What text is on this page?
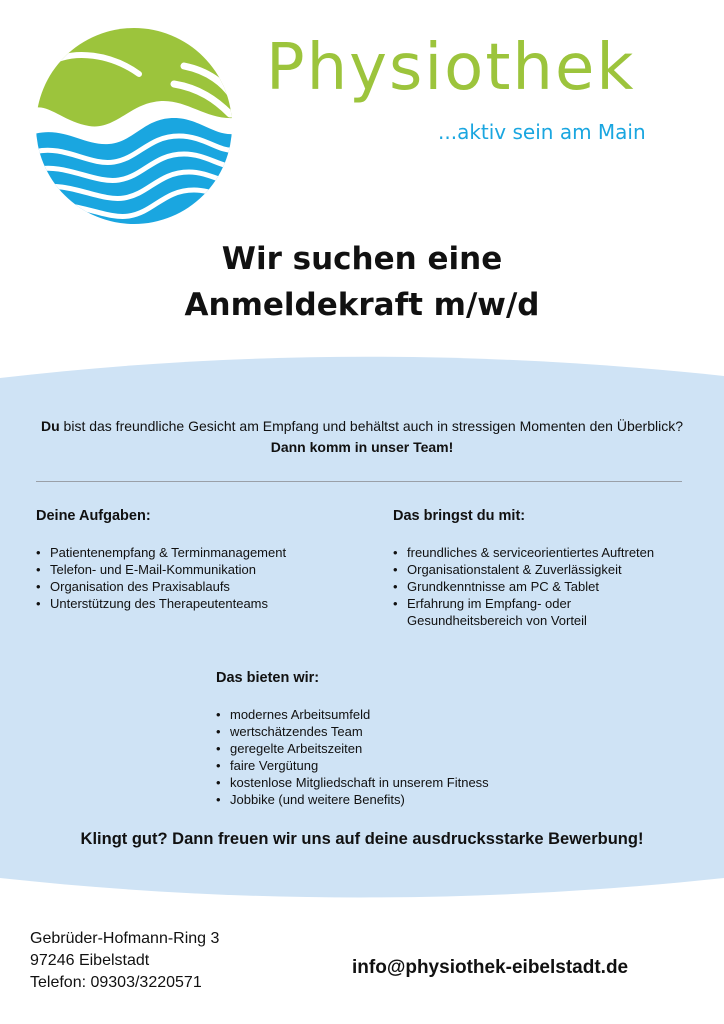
Physiothek
...aktiv sein am Main
Wir suchen eine
Anmeldekraft m/w/d
Du bist das freundliche Gesicht am Empfang und behältst auch in stressigen Momenten den Überblick? Dann komm in unser Team!
Deine Aufgaben:
• Patientenempfang & Terminmanagement
• Telefon- und E-Mail-Kommunikation
• Organisation des Praxisablaufs
• Unterstützung des Therapeutenteams
Das bringst du mit:
• freundliches & serviceorientiertes Auftreten
• Organisationstalent & Zuverlässigkeit
• Grundkenntnisse am PC & Tablet
• Erfahrung im Empfang- oder Gesundheitsbereich von Vorteil
Das bieten wir:
• modernes Arbeitsumfeld
• wertschätzendes Team
• geregelte Arbeitszeiten
• faire Vergütung
• kostenlose Mitgliedschaft in unserem Fitness
• Jobbike (und weitere Benefits)
Klingt gut? Dann freuen wir uns auf deine ausdrucksstarke Bewerbung!
Gebrüder-Hofmann-Ring 3
97246 Eibelstadt
Telefon: 09303/3220571
info@physiothek-eibelstadt.de
